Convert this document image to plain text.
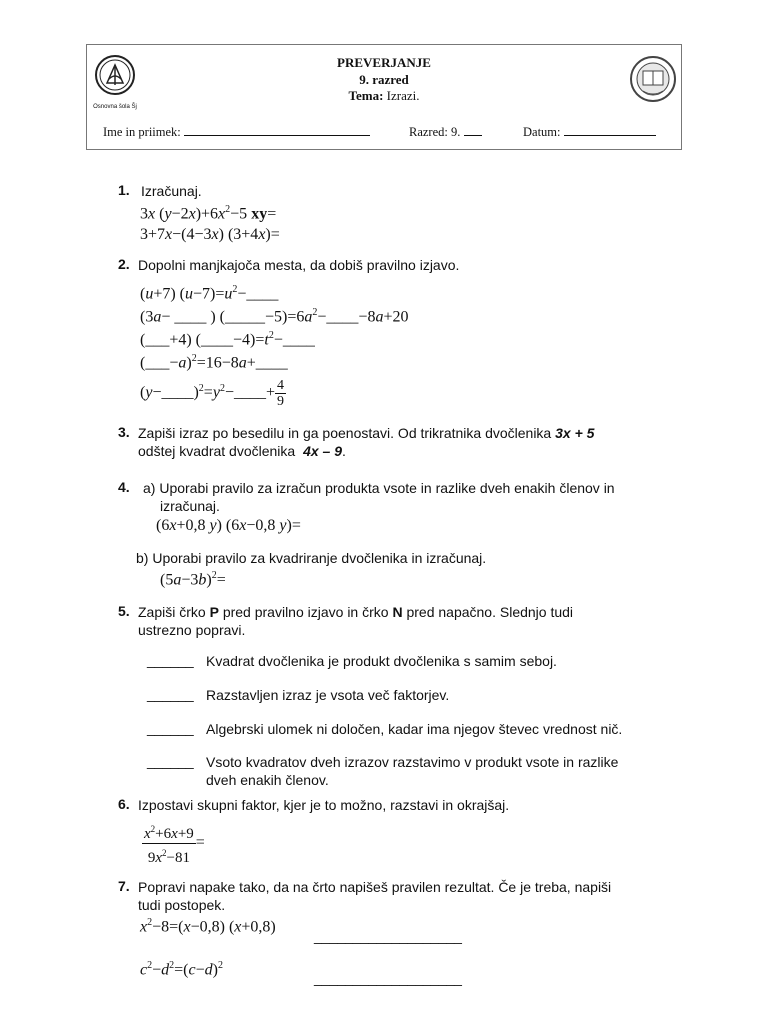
Osnovna šola Šj
PREVERJANJE
9. razred
Tema: Izrazi.
Ime in priimek:	Razred: 9.	Datum:
1. Izračunaj.
3x $(y-2x)+6x^2-5$ xy=
3+7x−(4−3x) (3+4x)=
2. Dopolni manjkajoča mesta, da dobiš pravilno izjavo.
(u+7) $(u-7)=u^2-\_\_\_\_$
(3a− ____ ) $(\_\_\_\_\_-5)=6a^2-\_\_\_\_-8a+20$
(___+4) $(\_\_\_\_-4)=t^2-\_\_\_\_$
(___−a)$^2$=16−8a+____
$(y-\_\_\_\_)^2=y^2-\_\_\_\_+ \frac{4}{9}$
3. Zapiši izraz po besedilu in ga poenostavi. Od trikratnika dvočlenika 3x + 5
odštej kvadrat dvočlenika 4x – 9.
4. a) Uporabi pravilo za izračun produkta vsote in razlike dveh enakih členov in
izračunaj.
(6x+0,8 y) (6x−0,8 y)=
b) Uporabi pravilo za kvadriranje dvočlenika in izračunaj.
$(5a-3b)^2=$
5. Zapiši črko P pred pravilno izjavo in črko N pred napačno. Slednjo tudi
ustrezno popravi.
______ Kvadrat dvočlenika je produkt dvočlenika s samim seboj.
______ Razstavljen izraz je vsota več faktorjev.
______ Algebrski ulomek ni določen, kadar ima njegov števec vrednost nič.
______ Vsoto kvadratov dveh izrazov razstavimo v produkt vsote in razlike
dveh enakih členov.
6. Izpostavi skupni faktor, kjer je to možno, razstavi in okrajšaj.
$\frac{x^2+6x+9}{9x^2-81}$ =
7. Popravi napake tako, da na črto napišeš pravilen rezultat. Če je treba, napiši
tudi postopek.
$x^2-8=(x-0,8)$ (x+0,8)
___________________
$c^2-d^2=(c-d)^2$
___________________
